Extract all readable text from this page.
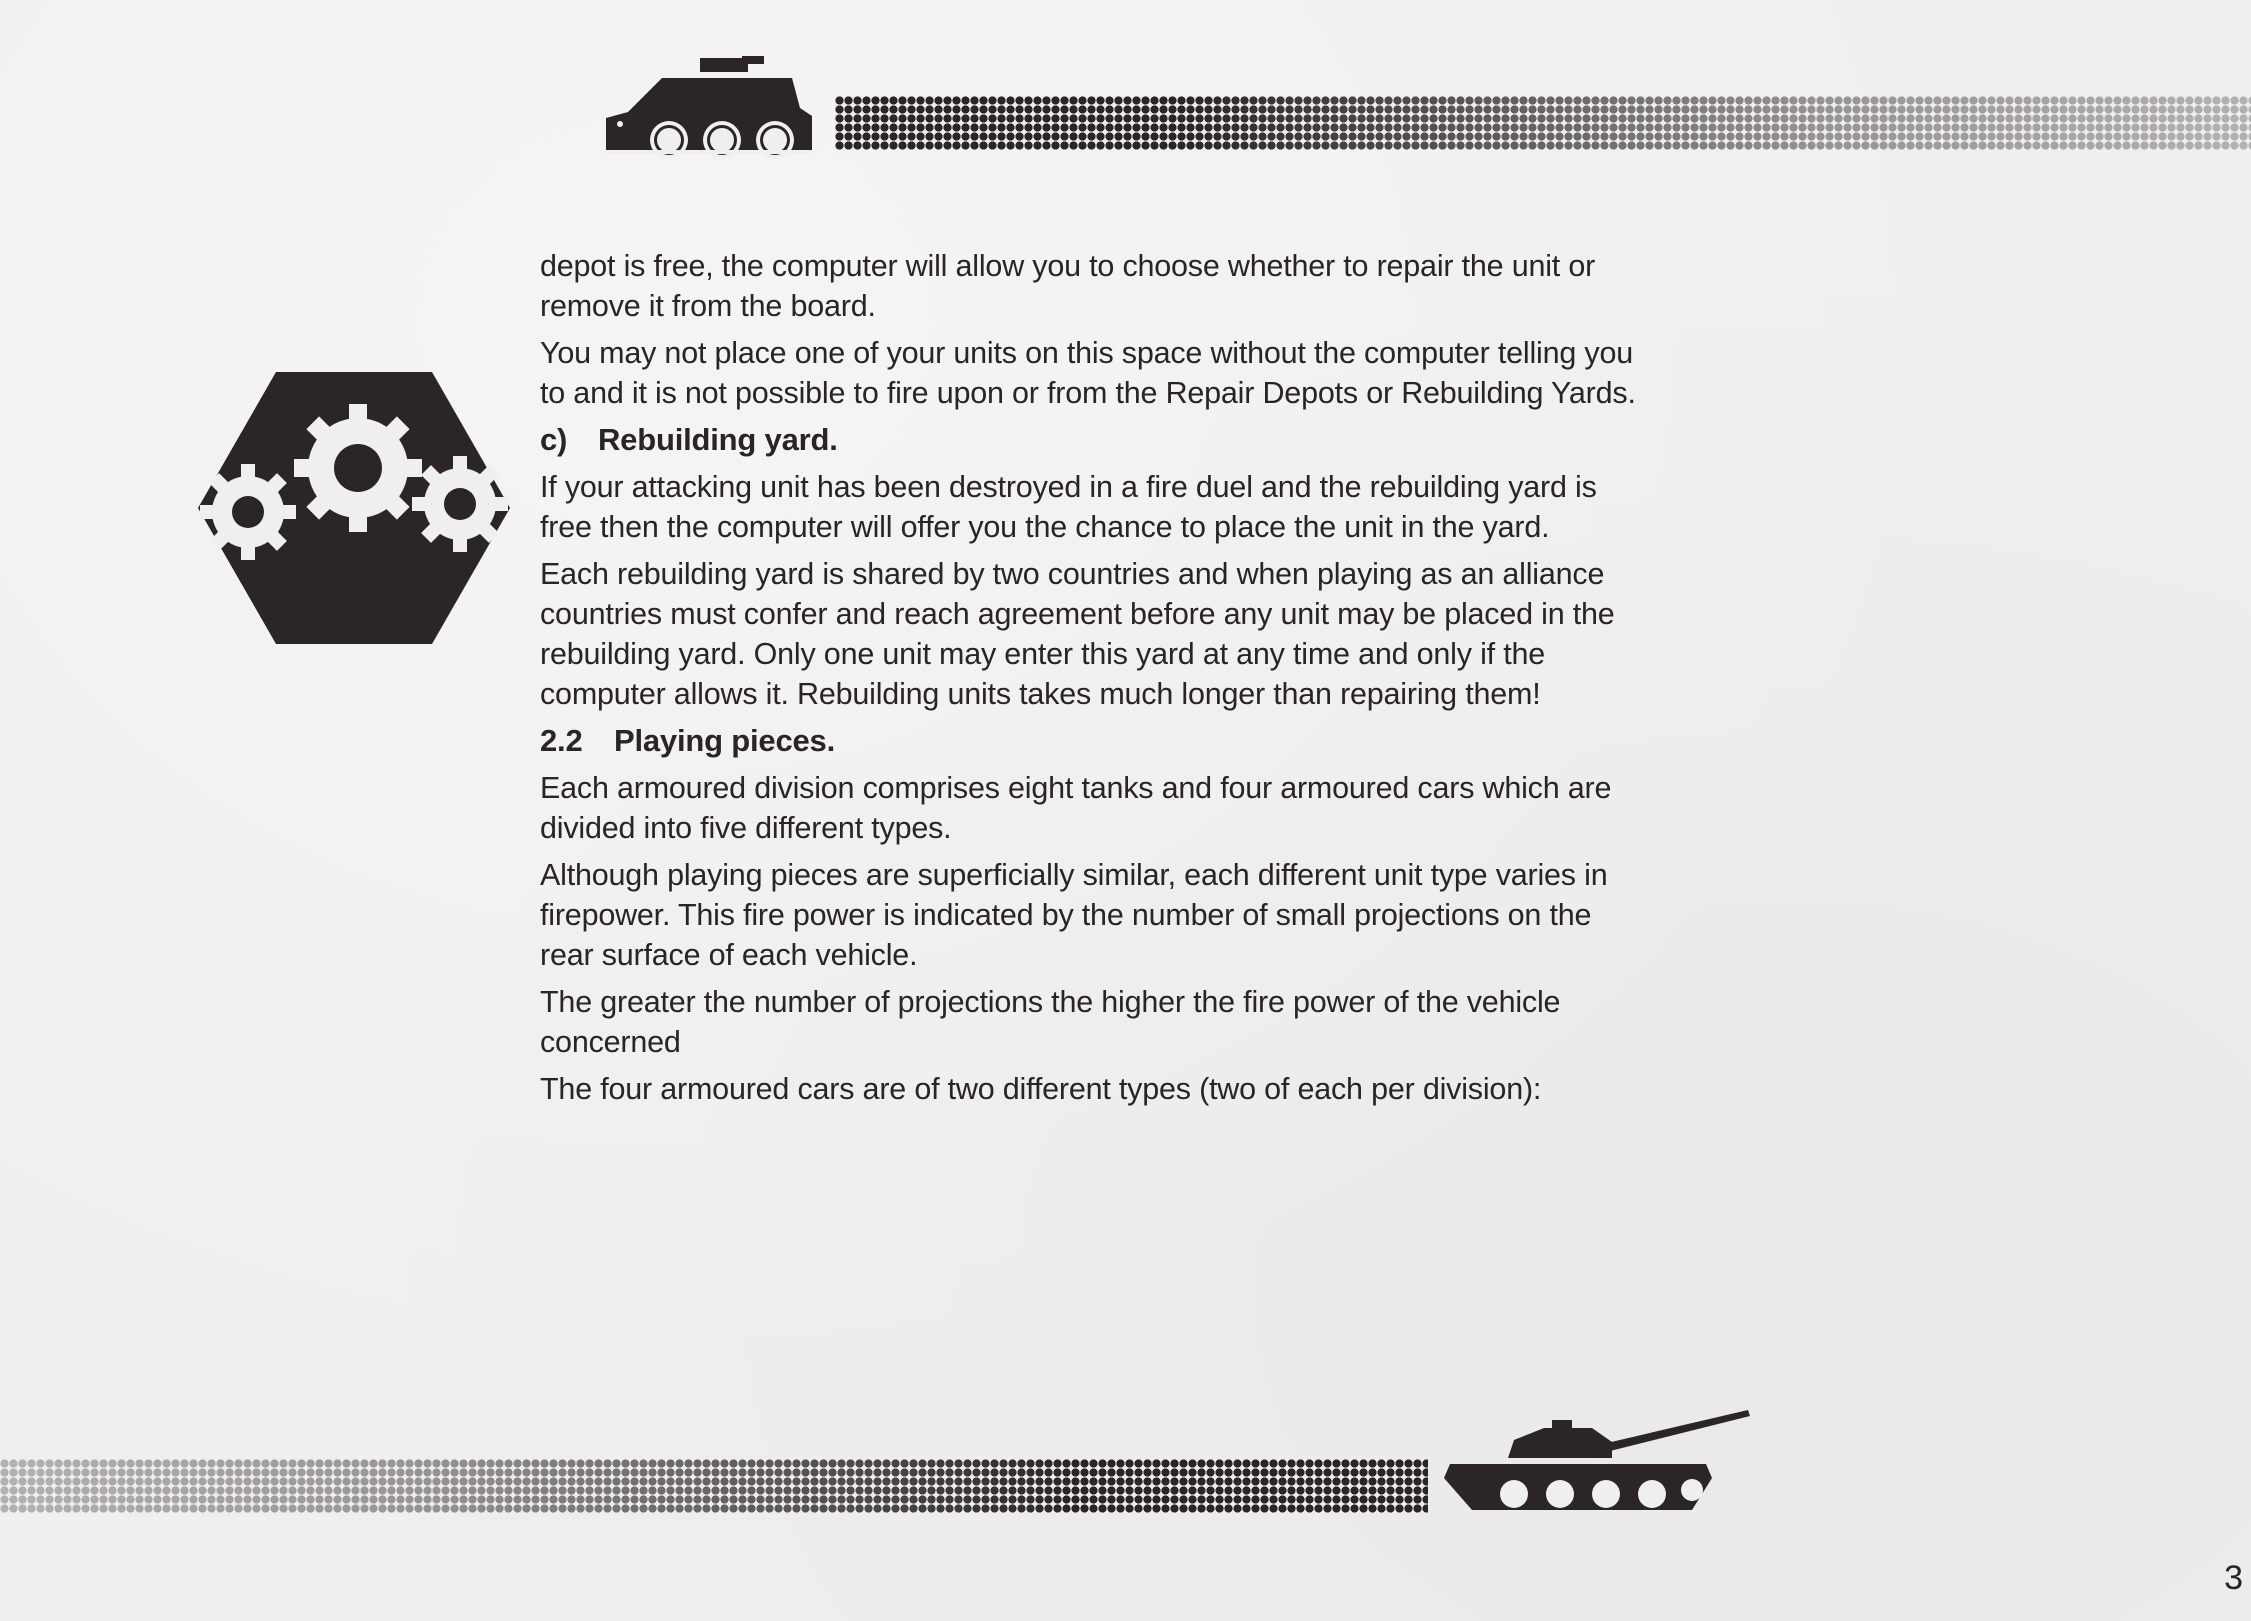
depot is free, the computer will allow you to choose whether to repair the unit or remove it from the board.

You may not place one of your units on this space without the computer telling you to and it is not possible to fire upon or from the Repair Depots or Rebuilding Yards.

c) Rebuilding yard.

If your attacking unit has been destroyed in a fire duel and the rebuilding yard is free then the computer will offer you the chance to place the unit in the yard.

Each rebuilding yard is shared by two countries and when playing as an alliance countries must confer and reach agreement before any unit may be placed in the rebuilding yard. Only one unit may enter this yard at any time and only if the computer allows it. Rebuilding units takes much longer than repairing them!

2.2 Playing pieces.

Each armoured division comprises eight tanks and four armoured cars which are divided into five different types.

Although playing pieces are superficially similar, each different unit type varies in firepower. This fire power is indicated by the number of small projections on the rear surface of each vehicle.

The greater the number of projections the higher the fire power of the vehicle concerned

The four armoured cars are of two different types (two of each per division):

3
